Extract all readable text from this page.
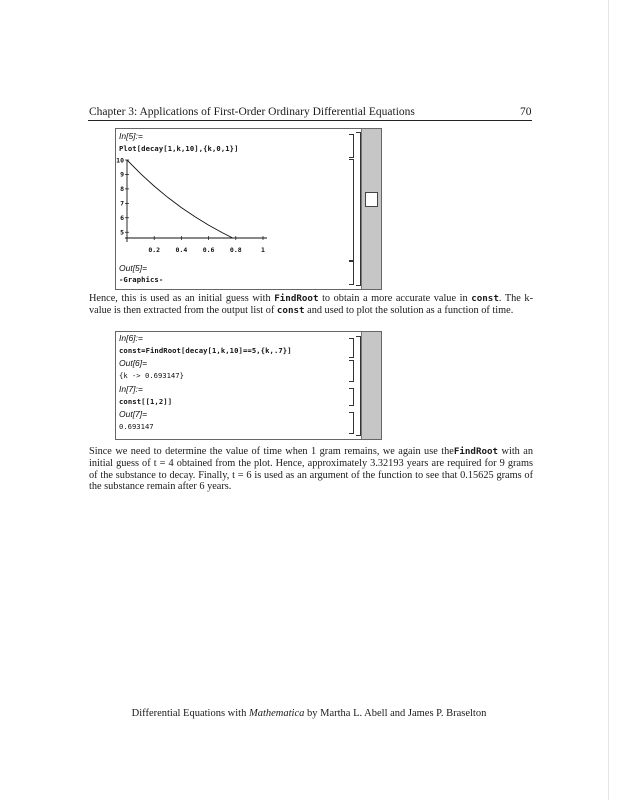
Chapter 3: Applications of First-Order Ordinary Differential Equations	70
In[5]:=
Plot[decay[1,k,10],{k,0,1}]
0.2 0.4 0.6 0.8	1
5
6
7
8
9
10
Out[5]=
-Graphics-
Hence, this is used as an initial guess with FindRoot to obtain a more accurate value in const. The k-value is then extracted from the output list of const and used to plot the solution as a function of time.
In[6]:=
const=FindRoot[decay[1,k,10]==5,{k,.7}]
Out[6]=
{k -> 0.693147}
In[7]:=
const[[1,2]]
Out[7]=
0.693147
Since we need to determine the value of time when 1 gram remains, we again use theFindRoot with an initial guess of t = 4 obtained from the plot. Hence, approximately 3.32193 years are required for 9 grams of the substance to decay. Finally, t = 6 is used as an argument of the function to see that 0.15625 grams of the substance remain after 6 years.
Differential Equations with Mathematica by Martha L. Abell and James P. Braselton
